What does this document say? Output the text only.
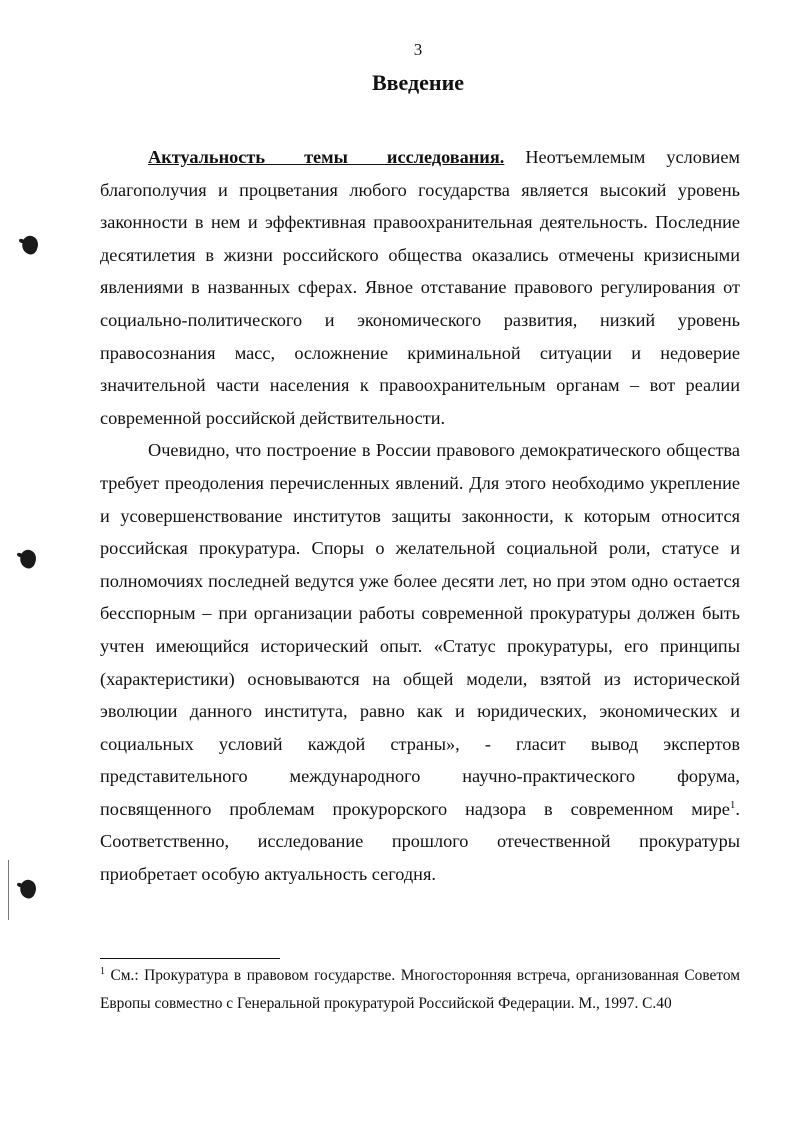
3
Введение

Актуальность темы исследования. Неотъемлемым условием благополучия и процветания любого государства является высокий уровень законности в нем и эффективная правоохранительная деятельность. Последние десятилетия в жизни российского общества оказались отмечены кризисными явлениями в названных сферах. Явное отставание правового регулирования от социально-политического и экономического развития, низкий уровень правосознания масс, осложнение криминальной ситуации и недоверие значительной части населения к правоохранительным органам – вот реалии современной российской действительности.

Очевидно, что построение в России правового демократического общества требует преодоления перечисленных явлений. Для этого необходимо укрепление и усовершенствование институтов защиты законности, к которым относится российская прокуратура. Споры о желательной социальной роли, статусе и полномочиях последней ведутся уже более десяти лет, но при этом одно остается бесспорным – при организации работы современной прокуратуры должен быть учтен имеющийся исторический опыт. «Статус прокуратуры, его принципы (характеристики) основываются на общей модели, взятой из исторической эволюции данного института, равно как и юридических, экономических и социальных условий каждой страны», - гласит вывод экспертов представительного международного научно-практического форума, посвященного проблемам прокурорского надзора в современном мире$^1$. Соответственно, исследование прошлого отечественной прокуратуры приобретает особую актуальность сегодня.

$^1$ См.: Прокуратура в правовом государстве. Многосторонняя встреча, организованная Советом Европы совместно с Генеральной прокуратурой Российской Федерации. М., 1997. С.40
